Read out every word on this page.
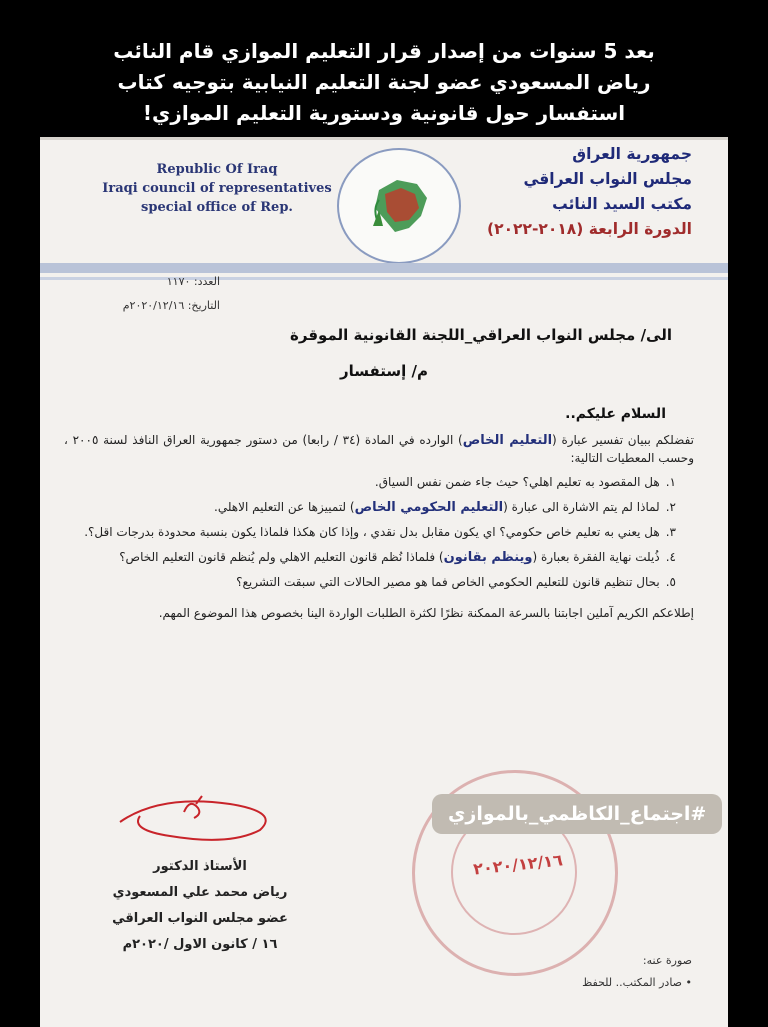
بعد 5 سنوات من إصدار قرار التعليم الموازي قام النائب
رياض المسعودي عضو لجنة التعليم النيابية بتوجيه كتاب
استفسار حول قانونية ودستورية التعليم الموازي!
Republic Of Iraq
Iraqi council of representatives
special office of Rep.
جمهورية العراق
مجلس النواب العراقي
مكتب السيد النائب
الدورة الرابعة (٢٠١٨-٢٠٢٢)
العدد: ١١٧٠
التاريخ: ٢٠٢٠/١٢/١٦م
الى/ مجلس النواب العراقي_اللجنة القانونية الموقرة
م/ إستفسار
السلام عليكم..

تفضلكم ببيان تفسير عبارة (التعليم الخاص) الوارده في المادة (٣٤ / رابعا) من دستور جمهورية العراق النافذ لسنة ٢٠٠٥ ، وحسب المعطيات التالية:

١.هل المقصود به تعليم اهلي؟ حيث جاء ضمن نفس السياق.
٢.لماذا لم يتم الاشارة الى عبارة (التعليم الحكومي الخاص) لتمييزها عن التعليم الاهلي.
٣.هل يعني به تعليم خاص حكومي؟ اي يكون مقابل بدل نقدي ، وإذا كان هكذا فلماذا يكون بنسبة محدودة بدرجات اقل؟.
٤.ذُيلت نهاية الفقرة بعبارة (وينظم بقانون) فلماذا نُظم قانون التعليم الاهلي ولم يُنظم قانون التعليم الخاص؟
٥.بحال تنظيم قانون للتعليم الحكومي الخاص فما هو مصير الحالات التي سبقت التشريع؟

إطلاعكم الكريم آملين اجابتنا بالسرعة الممكنة نظرًا لكثرة الطلبات الواردة الينا بخصوص هذا الموضوع المهم.

٢٠٢٠/١٢/١٦
#اجتماع_الكاظمي_بالموازي
الأستاذ الدكتور
رياض محمد علي المسعودي
عضو مجلس النواب العراقي
١٦ / كانون الاول /٢٠٢٠م
صورة عنه:
• صادر المكتب.. للحفظ
